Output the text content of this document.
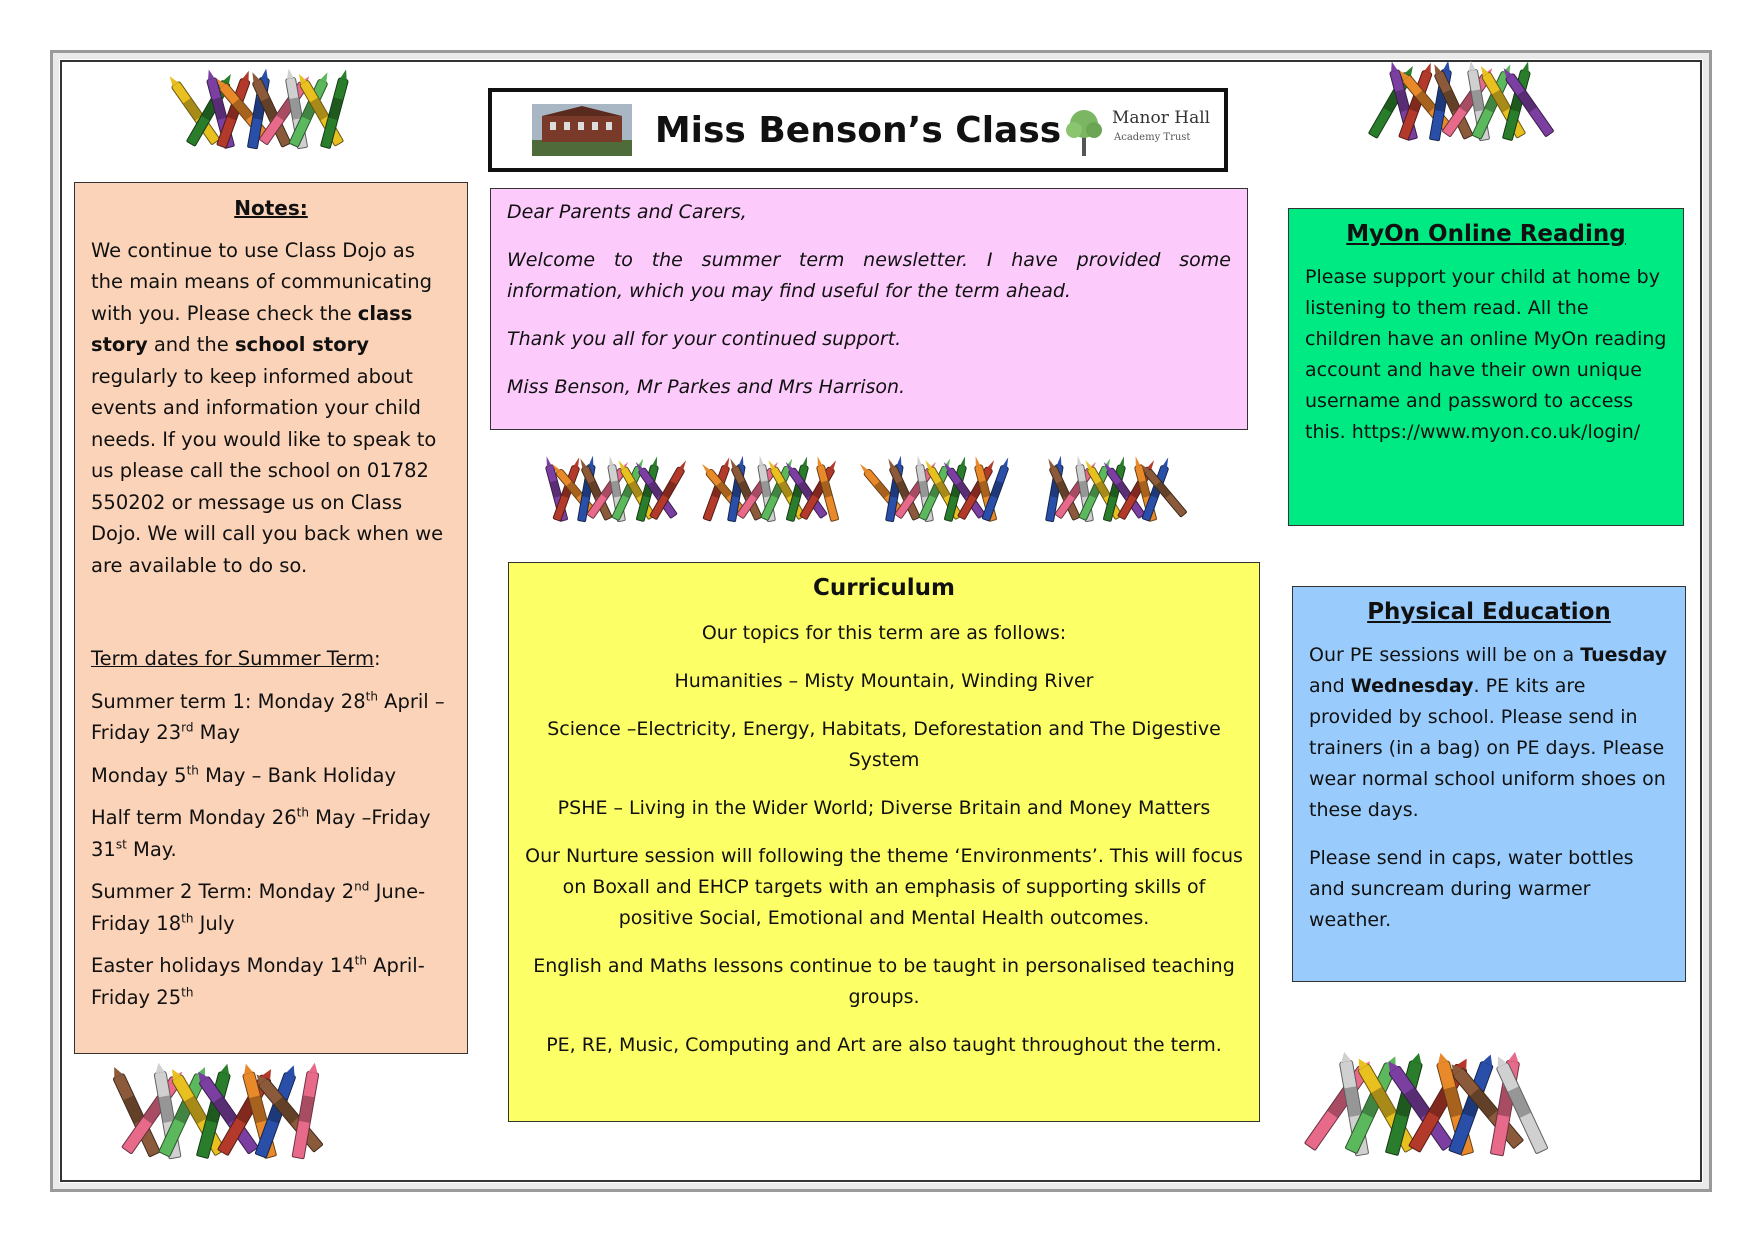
Miss Benson’s Class	Manor Hall
Academy Trust
Notes:

We continue to use Class Dojo as the main means of communicating with you. Please check the class story and the school story regularly to keep informed about events and information your child needs. If you would like to speak to us please call the school on 01782 550202 or message us on Class Dojo. We will call you back when we are available to do so.

Term dates for Summer Term:

Summer term 1: Monday 28th April – Friday 23rd May

Monday 5th May – Bank Holiday

Half term Monday 26th May –Friday 31st May.

Summer 2 Term: Monday 2nd June-Friday 18th July

Easter holidays Monday 14th April-Friday 25th

Dear Parents and Carers,

Welcome to the summer term newsletter. I have provided some information, which you may find useful for the term ahead.

Thank you all for your continued support.

Miss Benson, Mr Parkes and Mrs Harrison.

MyOn Online Reading

Please support your child at home by listening to them read. All the children have an online MyOn reading account and have their own unique username and password to access this. https://www.myon.co.uk/login/

Curriculum

Our topics for this term are as follows:

Humanities – Misty Mountain, Winding River

Science –Electricity, Energy, Habitats, Deforestation and The Digestive System

PSHE – Living in the Wider World; Diverse Britain and Money Matters

Our Nurture session will following the theme ‘Environments’. This will focus on Boxall and EHCP targets with an emphasis of supporting skills of positive Social, Emotional and Mental Health outcomes.

English and Maths lessons continue to be taught in personalised teaching groups.

PE, RE, Music, Computing and Art are also taught throughout the term.

Physical Education

Our PE sessions will be on a Tuesday and Wednesday. PE kits are provided by school. Please send in trainers (in a bag) on PE days. Please wear normal school uniform shoes on these days.

Please send in caps, water bottles and suncream during warmer weather.
